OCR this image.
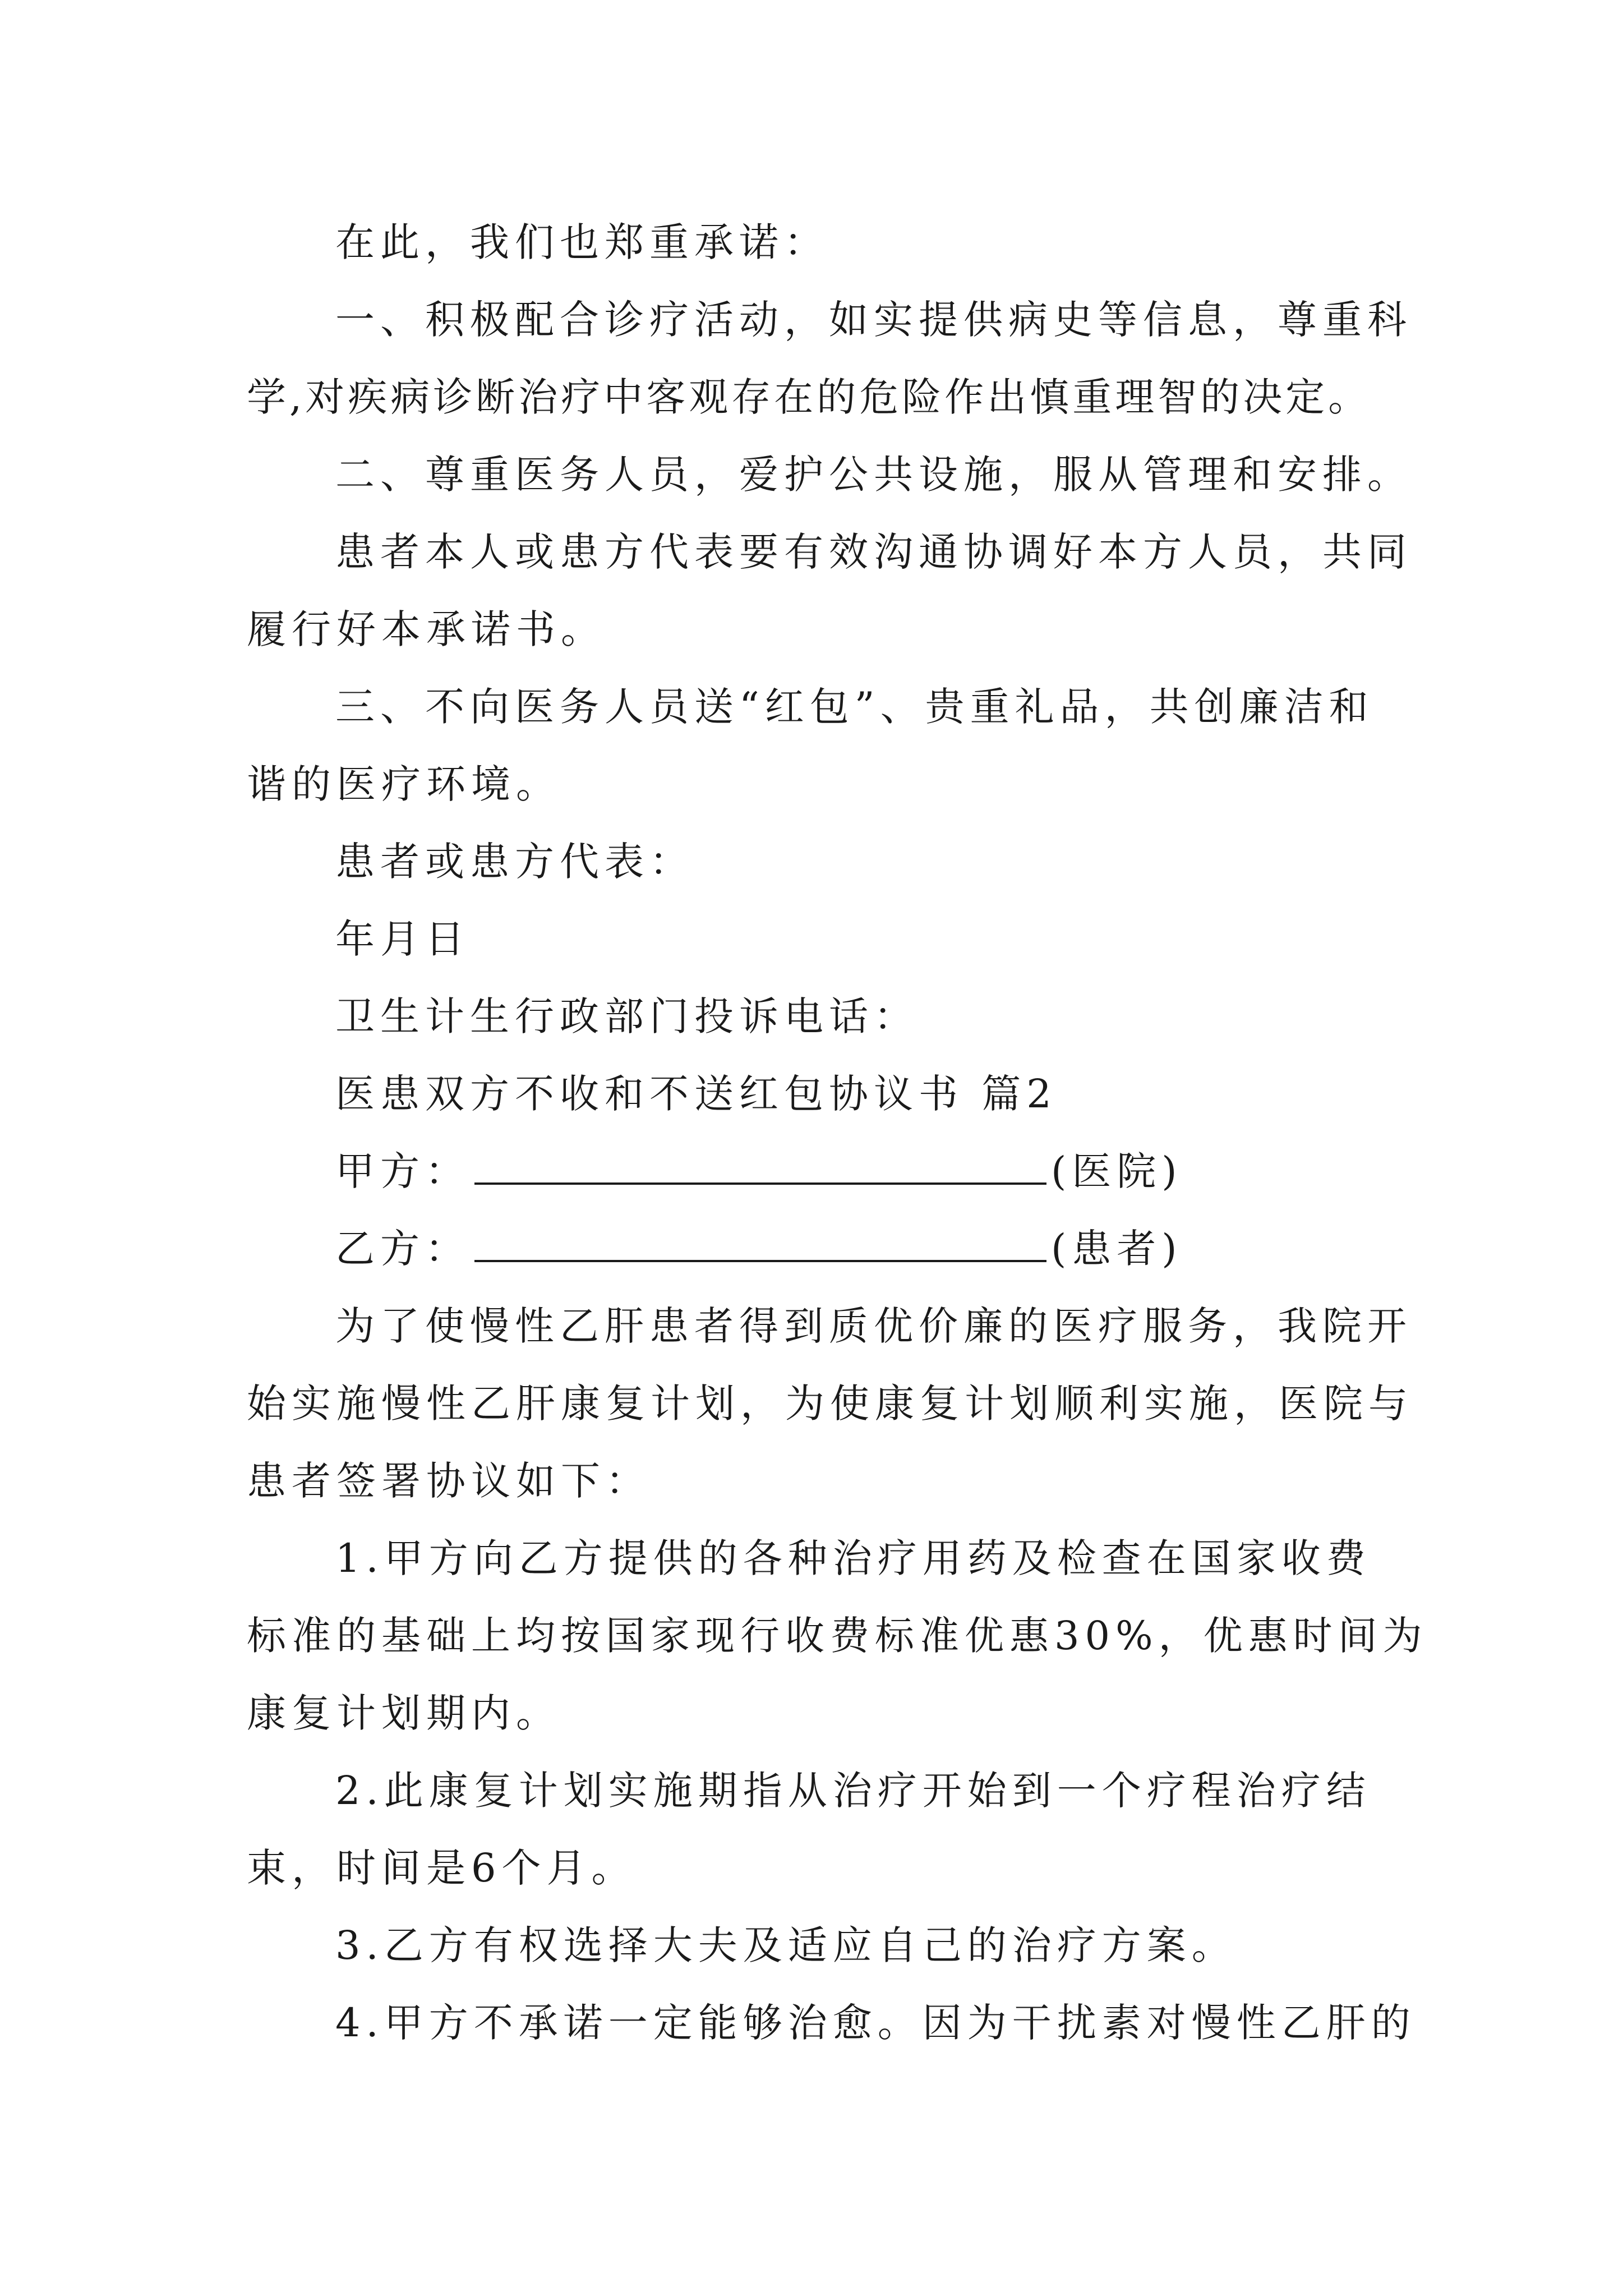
在此，我们也郑重承诺：
一、积极配合诊疗活动，如实提供病史等信息，尊重科
学,对疾病诊断治疗中客观存在的危险作出慎重理智的决定。
二、尊重医务人员，爱护公共设施，服从管理和安排。
患者本人或患方代表要有效沟通协调好本方人员，共同
履行好本承诺书。
三、不向医务人员送“红包”、贵重礼品，共创廉洁和
谐的医疗环境。
患者或患方代表：
年月日
卫生计生行政部门投诉电话：
医患双方不收和不送红包协议书 篇2
甲方：	(医院)
乙方：	(患者)
为了使慢性乙肝患者得到质优价廉的医疗服务，我院开
始实施慢性乙肝康复计划，为使康复计划顺利实施，医院与
患者签署协议如下：
1.甲方向乙方提供的各种治疗用药及检查在国家收费
标准的基础上均按国家现行收费标准优惠30%，优惠时间为
康复计划期内。
2.此康复计划实施期指从治疗开始到一个疗程治疗结
束，时间是6个月。
3.乙方有权选择大夫及适应自己的治疗方案。
4.甲方不承诺一定能够治愈。因为干扰素对慢性乙肝的
